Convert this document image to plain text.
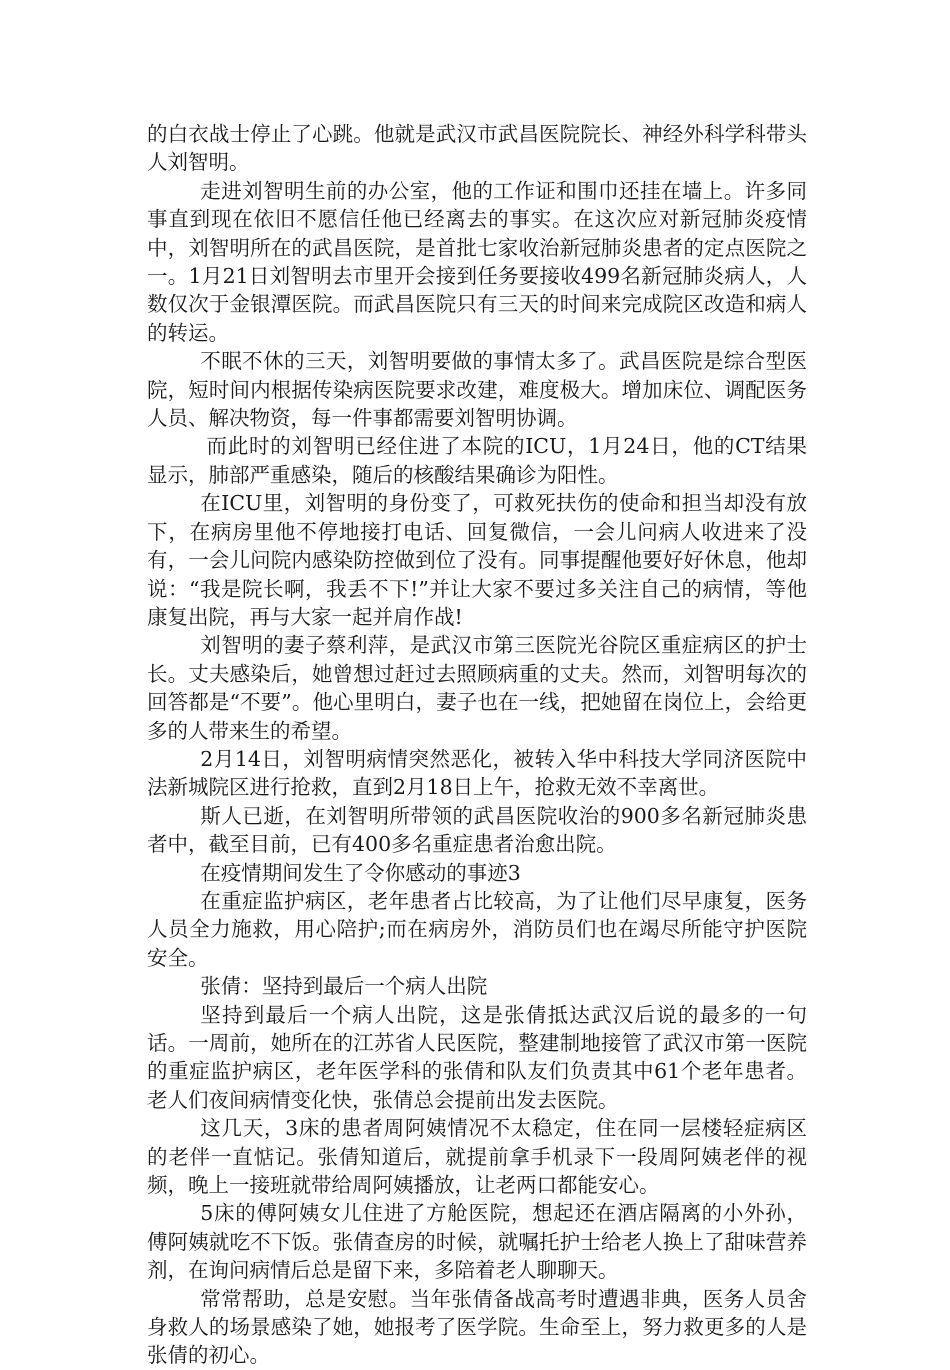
的白衣战士停止了心跳。他就是武汉市武昌医院院长、神经外科学科带头人刘智明。

走进刘智明生前的办公室，他的工作证和围巾还挂在墙上。许多同事直到现在依旧不愿信任他已经离去的事实。在这次应对新冠肺炎疫情中，刘智明所在的武昌医院，是首批七家收治新冠肺炎患者的定点医院之一。1月21日刘智明去市里开会接到任务要接收499名新冠肺炎病人，人数仅次于金银潭医院。而武昌医院只有三天的时间来完成院区改造和病人的转运。

不眠不休的三天，刘智明要做的事情太多了。武昌医院是综合型医院，短时间内根据传染病医院要求改建，难度极大。增加床位、调配医务人员、解决物资，每一件事都需要刘智明协调。

而此时的刘智明已经住进了本院的ICU，1月24日，他的CT结果显示，肺部严重感染，随后的核酸结果确诊为阳性。

在ICU里，刘智明的身份变了，可救死扶伤的使命和担当却没有放下，在病房里他不停地接打电话、回复微信，一会儿问病人收进来了没有，一会儿问院内感染防控做到位了没有。同事提醒他要好好休息，他却说：“我是院长啊，我丢不下!”并让大家不要过多关注自己的病情，等他康复出院，再与大家一起并肩作战!

刘智明的妻子蔡利萍，是武汉市第三医院光谷院区重症病区的护士长。丈夫感染后，她曾想过赶过去照顾病重的丈夫。然而，刘智明每次的回答都是“不要”。他心里明白，妻子也在一线，把她留在岗位上，会给更多的人带来生的希望。

2月14日，刘智明病情突然恶化，被转入华中科技大学同济医院中法新城院区进行抢救，直到2月18日上午，抢救无效不幸离世。

斯人已逝，在刘智明所带领的武昌医院收治的900多名新冠肺炎患者中，截至目前，已有400多名重症患者治愈出院。

在疫情期间发生了令你感动的事迹3

在重症监护病区，老年患者占比较高，为了让他们尽早康复，医务人员全力施救，用心陪护;而在病房外，消防员们也在竭尽所能守护医院安全。

张倩：坚持到最后一个病人出院

坚持到最后一个病人出院，这是张倩抵达武汉后说的最多的一句话。一周前，她所在的江苏省人民医院，整建制地接管了武汉市第一医院的重症监护病区，老年医学科的张倩和队友们负责其中61个老年患者。老人们夜间病情变化快，张倩总会提前出发去医院。

这几天，3床的患者周阿姨情况不太稳定，住在同一层楼轻症病区的老伴一直惦记。张倩知道后，就提前拿手机录下一段周阿姨老伴的视频，晚上一接班就带给周阿姨播放，让老两口都能安心。

5床的傅阿姨女儿住进了方舱医院，想起还在酒店隔离的小外孙，傅阿姨就吃不下饭。张倩查房的时候，就嘱托护士给老人换上了甜味营养剂，在询问病情后总是留下来，多陪着老人聊聊天。

常常帮助，总是安慰。当年张倩备战高考时遭遇非典，医务人员舍身救人的场景感染了她，她报考了医学院。生命至上，努力救更多的人是张倩的初心。
